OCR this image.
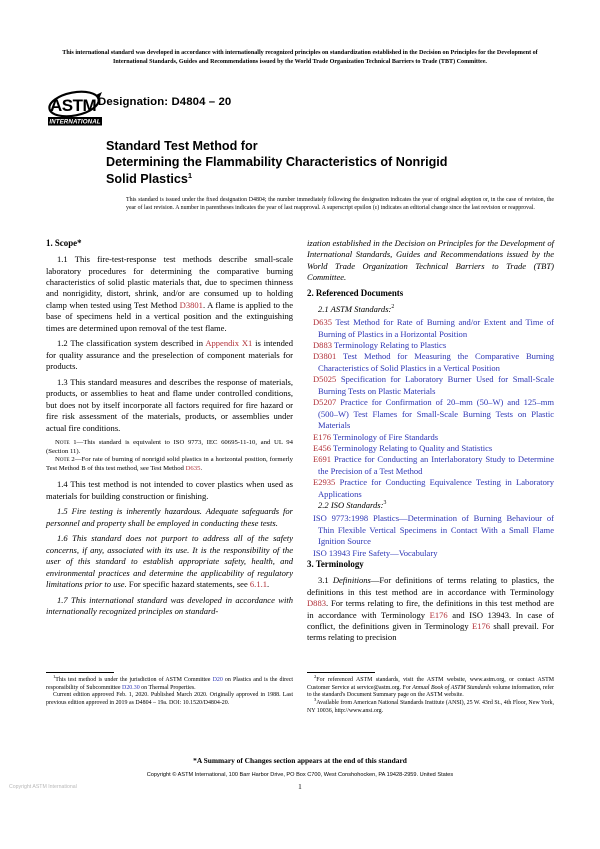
This international standard was developed in accordance with internationally recognized principles on standardization established in the Decision on Principles for the Development of International Standards, Guides and Recommendations issued by the World Trade Organization Technical Barriers to Trade (TBT) Committee.
ASTM
INTERNATIONAL
Designation: D4804 – 20
Standard Test Method for
Determining the Flammability Characteristics of Nonrigid
Solid Plastics$^1$
This standard is issued under the fixed designation D4804; the number immediately following the designation indicates the year of original adoption or, in the case of revision, the year of last revision. A number in parentheses indicates the year of last reapproval. A superscript epsilon (ε) indicates an editorial change since the last revision or reapproval.
1. Scope*

1.1 This fire-test-response test methods describe small-scale laboratory procedures for determining the comparative burning characteristics of solid plastic materials that, due to specimen thinness and nonrigidity, distort, shrink, and/or are consumed up to holding clamp when tested using Test Method D3801. A flame is applied to the base of specimens held in a vertical position and the extinguishing times are determined upon removal of the test flame.

1.2 The classification system described in Appendix X1 is intended for quality assurance and the preselection of component materials for products.

1.3 This standard measures and describes the response of materials, products, or assemblies to heat and flame under controlled conditions, but does not by itself incorporate all factors required for fire hazard or fire risk assessment of the materials, products, or assemblies under actual fire conditions.

Note 1—This standard is equivalent to ISO 9773, IEC 60695-11-10, and UL 94 (Section 11).

Note 2—For rate of burning of nonrigid solid plastics in a horizontal position, formerly Test Method B of this test method, see Test Method D635.

1.4 This test method is not intended to cover plastics when used as materials for building construction or finishing.

1.5 Fire testing is inherently hazardous. Adequate safeguards for personnel and property shall be employed in conducting these tests.

1.6 This standard does not purport to address all of the safety concerns, if any, associated with its use. It is the responsibility of the user of this standard to establish appropriate safety, health, and environmental practices and determine the applicability of regulatory limitations prior to use. For specific hazard statements, see 6.1.1.

1.7 This international standard was developed in accordance with internationally recognized principles on standard-

$^1$This test method is under the jurisdiction of ASTM Committee D20 on Plastics and is the direct responsibility of Subcommittee D20.30 on Thermal Properties.

Current edition approved Feb. 1, 2020. Published March 2020. Originally approved in 1988. Last previous edition approved in 2019 as D4804 – 19a. DOI: 10.1520/D4804-20.

ization established in the Decision on Principles for the Development of International Standards, Guides and Recommendations issued by the World Trade Organization Technical Barriers to Trade (TBT) Committee.

2. Referenced Documents

2.1 ASTM Standards:$^2$

D635 Test Method for Rate of Burning and/or Extent and Time of Burning of Plastics in a Horizontal Position

D883 Terminology Relating to Plastics

D3801 Test Method for Measuring the Comparative Burning Characteristics of Solid Plastics in a Vertical Position

D5025 Specification for Laboratory Burner Used for Small-Scale Burning Tests on Plastic Materials

D5207 Practice for Confirmation of 20–mm (50–W) and 125–mm (500–W) Test Flames for Small-Scale Burning Tests on Plastic Materials

E176 Terminology of Fire Standards

E456 Terminology Relating to Quality and Statistics

E691 Practice for Conducting an Interlaboratory Study to Determine the Precision of a Test Method

E2935 Practice for Conducting Equivalence Testing in Laboratory Applications

2.2 ISO Standards:$^3$

ISO 9773:1998 Plastics—Determination of Burning Behaviour of Thin Flexible Vertical Specimens in Contact With a Small Flame Ignition Source

ISO 13943 Fire Safety—Vocabulary

3. Terminology

3.1 Definitions—For definitions of terms relating to plastics, the definitions in this test method are in accordance with Terminology D883. For terms relating to fire, the definitions in this test method are in accordance with Terminology E176 and ISO 13943. In case of conflict, the definitions given in Terminology E176 shall prevail. For terms relating to precision

$^2$For referenced ASTM standards, visit the ASTM website, www.astm.org, or contact ASTM Customer Service at service@astm.org. For Annual Book of ASTM Standards volume information, refer to the standard's Document Summary page on the ASTM website.

$^3$Available from American National Standards Institute (ANSI), 25 W. 43rd St., 4th Floor, New York, NY 10036, http://www.ansi.org.

*A Summary of Changes section appears at the end of this standard
Copyright © ASTM International, 100 Barr Harbor Drive, PO Box C700, West Conshohocken, PA 19428-2959. United States
Copyright ASTM International	1
